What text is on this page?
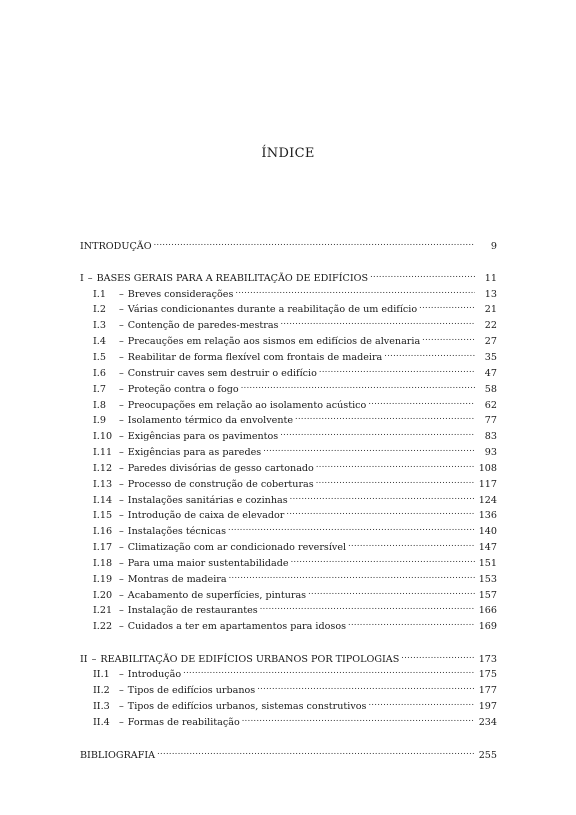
ÍNDICE
INTRODUÇÃO .....	9
I – BASES GERAIS PARA A REABILITAÇÃO DE EDIFÍCIOS .....	11
I.1	– Breves considerações .....	13
I.2	– Várias condicionantes durante a reabilitação de um edifício .....	21
I.3	– Contenção de paredes-mestras .....	22
I.4	– Precauções em relação aos sismos em edifícios de alvenaria .....	27
I.5	– Reabilitar de forma flexível com frontais de madeira .....	35
I.6	– Construir caves sem destruir o edifício .....	47
I.7	– Proteção contra o fogo .....	58
I.8	– Preocupações em relação ao isolamento acústico .....	62
I.9	– Isolamento térmico da envolvente .....	77
I.10 – Exigências para os pavimentos .....	83
I.11 – Exigências para as paredes .....	93
I.12 – Paredes divisórias de gesso cartonado .....	108
I.13 – Processo de construção de coberturas .....	117
I.14 – Instalações sanitárias e cozinhas .....	124
I.15 – Introdução de caixa de elevador .....	136
I.16 – Instalações técnicas .....	140
I.17 – Climatização com ar condicionado reversível .....	147
I.18 – Para uma maior sustentabilidade .....	151
I.19 – Montras de madeira .....	153
I.20 – Acabamento de superfícies, pinturas .....	157
I.21 – Instalação de restaurantes .....	166
I.22 – Cuidados a ter em apartamentos para idosos .....	169
II – REABILITAÇÃO DE EDIFÍCIOS URBANOS POR TIPOLOGIAS .....	173
II.1 – Introdução .....	175
II.2 – Tipos de edifícios urbanos .....	177
II.3 – Tipos de edifícios urbanos, sistemas construtivos .....	197
II.4 – Formas de reabilitação .....	234
BIBLIOGRAFIA .....	255
